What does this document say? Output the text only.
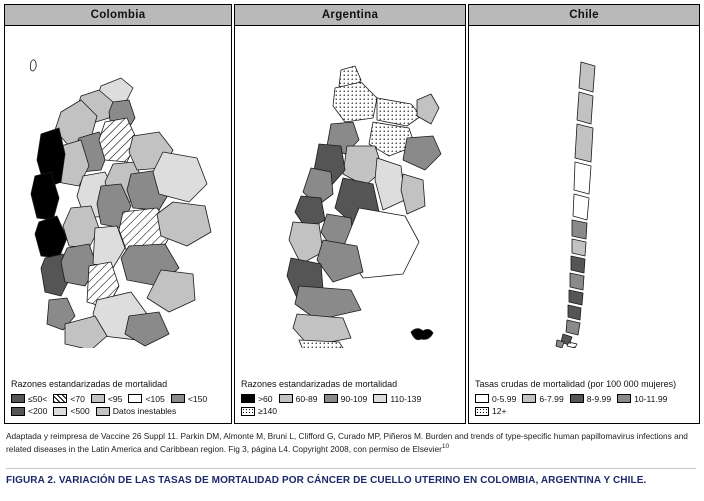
Colombia
Razones estandarizadas de mortalidad
≤50<	<70	<95	<105	<150
<200	<500	Datos inestables
Argentina
Razones estandarizadas de mortalidad
>60	60-89	90-109	110-139
≥140
Chile
Tasas crudas de mortalidad (por 100 000 mujeres)
0-5.99	6-7.99	8-9.99	10-11.99
12+
Adaptada y reimpresa de Vaccine 26 Suppl 11. Parkin DM, Almonte M, Bruni L, Clifford G, Curado MP, Piñeros M. Burden and trends of type-specific human papillomavirus infections and related diseases in the Latin America and Caribbean region. Fig 3, página L4. Copyright 2008, con permiso de Elsevier$^{10}$
FIGURA 2. VARIACIÓN DE LAS TASAS DE MORTALIDAD POR CÁNCER DE CUELLO UTERINO EN COLOMBIA, ARGENTINA Y CHILE.
